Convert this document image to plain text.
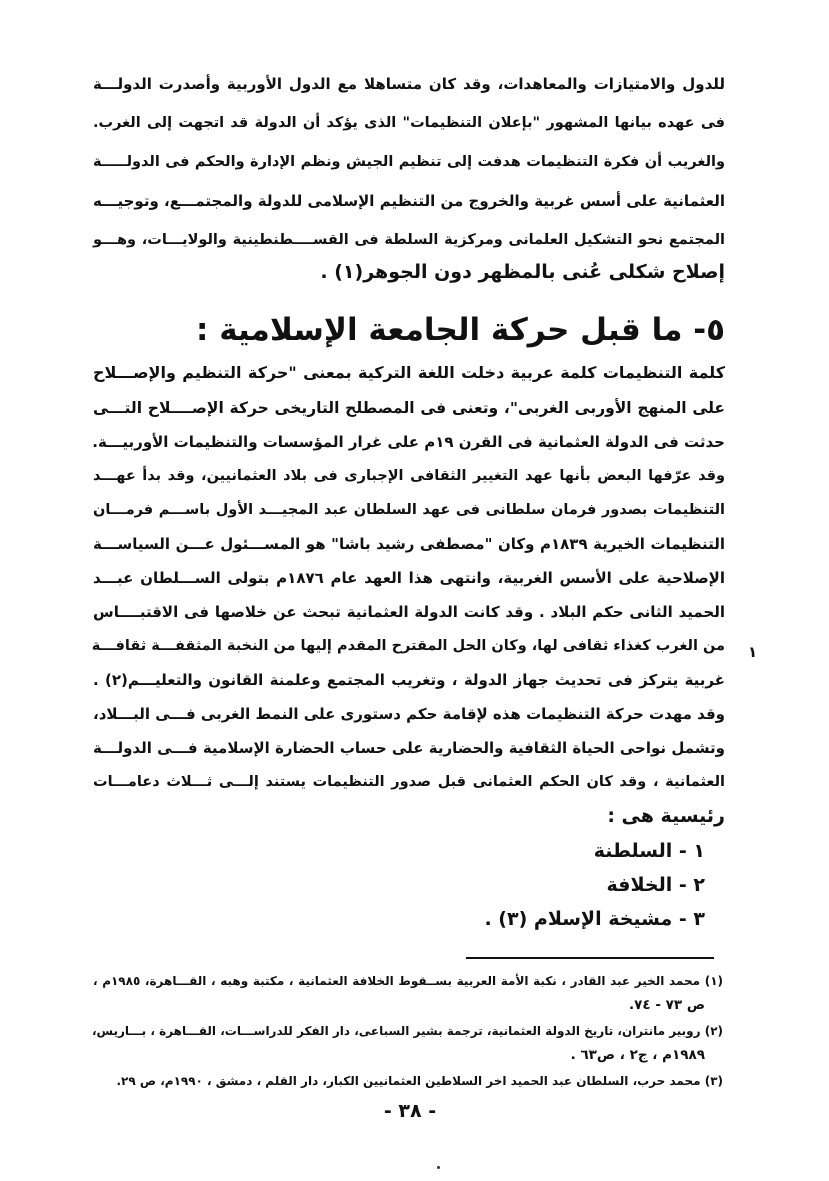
للدول والامتيازات والمعاهدات، وقد كان متساهلا مع الدول الأوربية وأصدرت الدولـــة
فى عهده بيانها المشهور "بإعلان التنظيمات" الذى يؤكد أن الدولة قد اتجهت إلى الغرب.
والغريب أن فكرة التنظيمات هدفت إلى تنظيم الجيش ونظم الإدارة والحكم فى الدولـــــة
العثمانية على أسس غربية والخروج من التنظيم الإسلامى للدولة والمجتمـــع، وتوجيـــه
المجتمع نحو التشكيل العلمانى ومركزية السلطة فى القســــطنطينية والولايـــات، وهـــو
إصلاح شكلى عُنى بالمظهر دون الجوهر(١) .
٥- ما قبل حركة الجامعة الإسلامية :
كلمة التنظيمات كلمة عربية دخلت اللغة التركية بمعنى "حركة التنظيم والإصـــلاح
على المنهج الأوربى الغربى"، وتعنى فى المصطلح التاريخى حركة الإصــــلاح التـــى
حدثت فى الدولة العثمانية فى القرن ١٩م على غرار المؤسسات والتنظيمات الأوربيـــة.
وقد عرّفها البعض بأنها عهد التغيير الثقافى الإجبارى فى بلاد العثمانيين، وقد بدأ عهـــد
التنظيمات بصدور فرمان سلطانى فى عهد السلطان عبد المجيـــد الأول باســـم فرمـــان
التنظيمات الخيرية ١٨٣٩م وكان "مصطفى رشيد باشا" هو المســـئول عـــن السياســـة
الإصلاحية على الأسس الغربية، وانتهى هذا العهد عام ١٨٧٦م بتولى الســـلطان عبـــد
الحميد الثانى حكم البلاد . وقد كانت الدولة العثمانية تبحث عن خلاصها فى الاقتبــــاس
من الغرب كغذاء ثقافى لها، وكان الحل المقترح المقدم إليها من النخبة المثقفـــة ثقافـــة
غربية يتركز فى تحديث جهاز الدولة ، وتغريب المجتمع وعلمنة القانون والتعليـــم(٢) .
وقد مهدت حركة التنظيمات هذه لإقامة حكم دستورى على النمط الغربى فـــى البـــلاد،
وتشمل نواحى الحياة الثقافية والحضارية على حساب الحضارة الإسلامية فـــى الدولـــة
العثمانية ، وقد كان الحكم العثمانى قبل صدور التنظيمات يستند إلـــى ثـــلاث دعامـــات
رئيسية هى :
١
١ - السلطنة
٢ - الخلافة
٣ - مشيخة الإسلام (٣) .
(١) محمد الخير عبد القادر ، نكبة الأمة العربية بســقوط الخلافة العثمانية ، مكتبة وهبه ، القـــاهرة، ١٩٨٥م ،
ص ٧٣ - ٧٤.
(٢) روبير مانتران، تاريخ الدولة العثمانية، ترجمة بشير السباعى، دار الفكر للدراســـات، القـــاهرة ، بـــاريس،
١٩٨٩م ، ج٢ ، ص٦٣ .
(٣) محمد حرب، السلطان عبد الحميد اخر السلاطين العثمانيين الكبار، دار القلم ، دمشق ، ١٩٩٠م، ص ٢٩.
- ٣٨ -
